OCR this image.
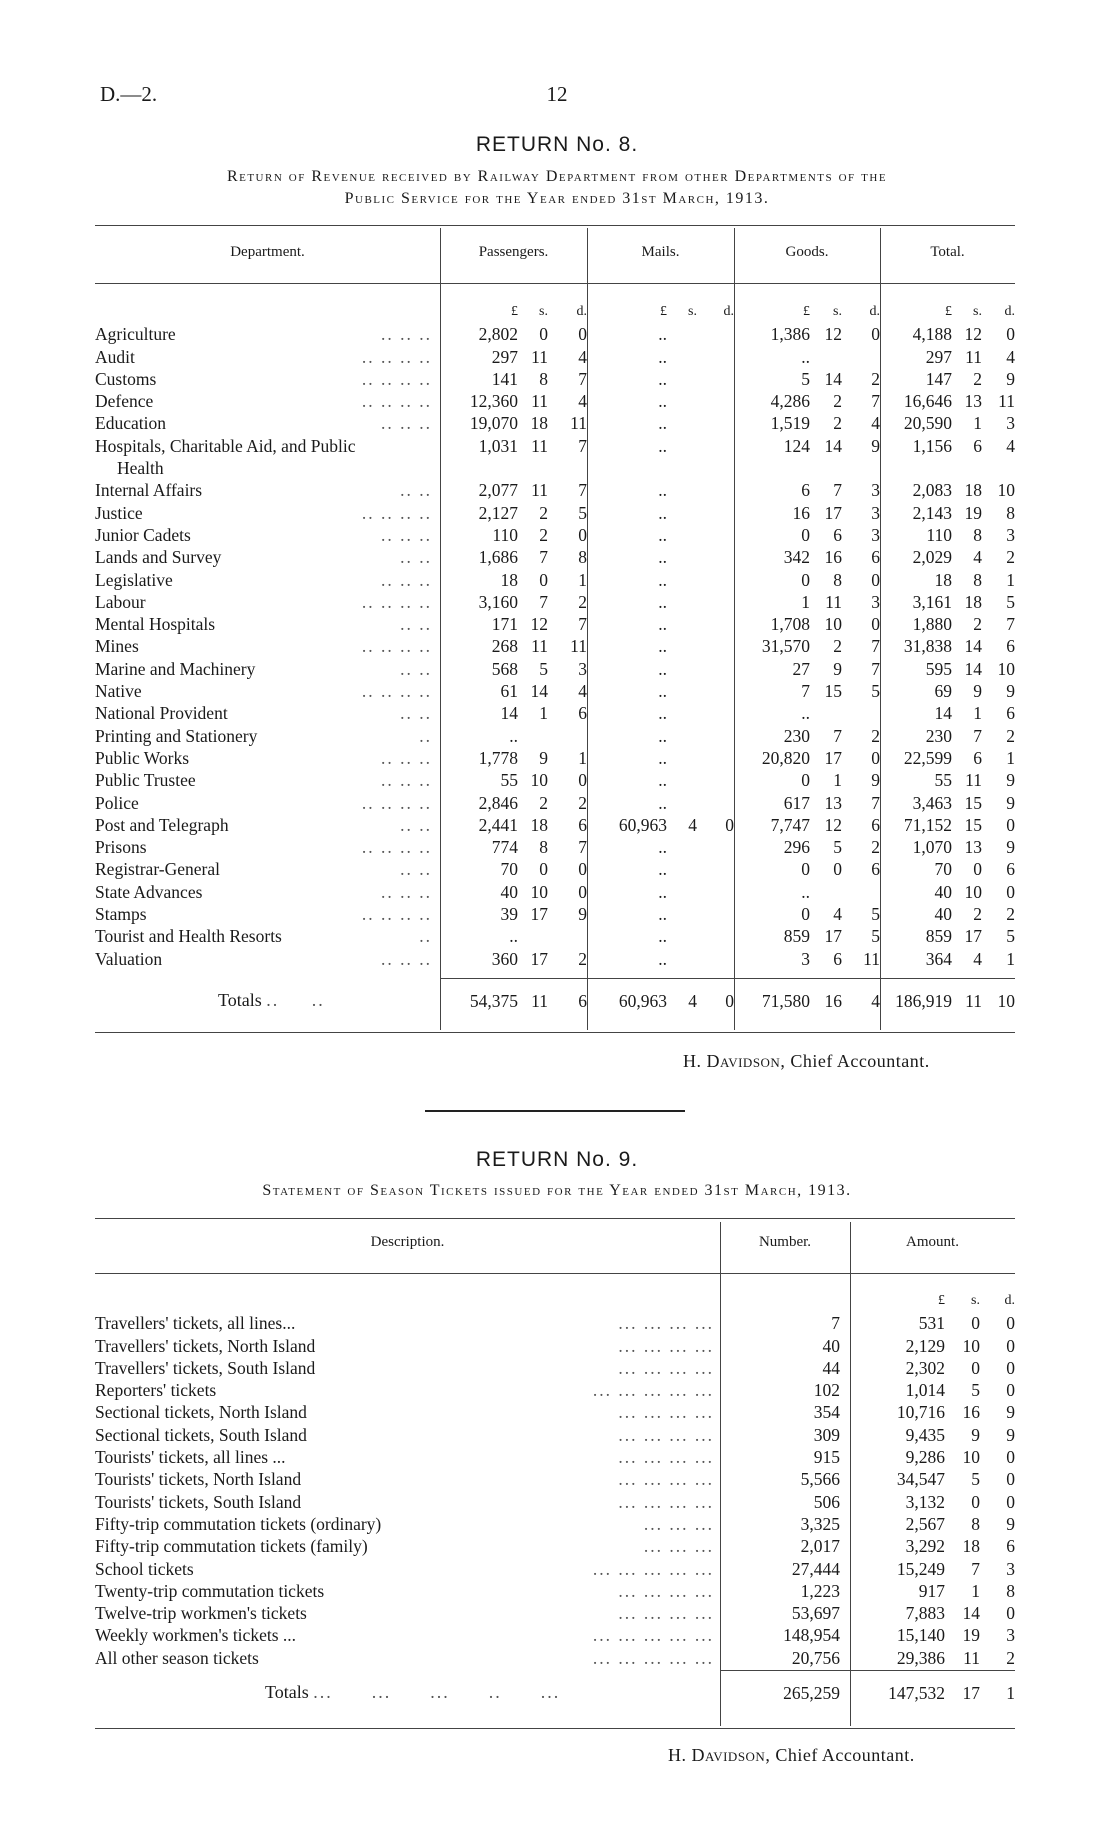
D.—2.	12
RETURN No. 8.
Return of Revenue received by Railway Department from other Departments of the
Public Service for the Year ended 31st March, 1913.
Department.	Passengers.	Mails.	Goods.	Total.
	£	s.	d.	£	s.	d.	£	s.	d.	£	s.	d.
Agriculture .. .. ..	2,802	0	0	..			1,386	12	0	4,188	12	0
Audit .. .. .. ..	297	11	4	..			..			297	11	4
Customs .. .. .. ..	141	8	7	..			5	14	2	147	2	9
Defence .. .. .. ..	12,360	11	4	..			4,286	2	7	16,646	13	11
Education .. .. ..	19,070	18	11	..			1,519	2	4	20,590	1	3
Hospitals, Charitable Aid, and Public	1,031	11	7	..			124	14	9	1,156	6	4
Health												
Internal Affairs .. ..	2,077	11	7	..			6	7	3	2,083	18	10
Justice .. .. .. ..	2,127	2	5	..			16	17	3	2,143	19	8
Junior Cadets .. .. ..	110	2	0	..			0	6	3	110	8	3
Lands and Survey .. ..	1,686	7	8	..			342	16	6	2,029	4	2
Legislative .. .. ..	18	0	1	..			0	8	0	18	8	1
Labour .. .. .. ..	3,160	7	2	..			1	11	3	3,161	18	5
Mental Hospitals .. ..	171	12	7	..			1,708	10	0	1,880	2	7
Mines .. .. .. ..	268	11	11	..			31,570	2	7	31,838	14	6
Marine and Machinery .. ..	568	5	3	..			27	9	7	595	14	10
Native .. .. .. ..	61	14	4	..			7	15	5	69	9	9
National Provident .. ..	14	1	6	..			..			14	1	6
Printing and Stationery ..	..			..			230	7	2	230	7	2
Public Works .. .. ..	1,778	9	1	..			20,820	17	0	22,599	6	1
Public Trustee .. .. ..	55	10	0	..			0	1	9	55	11	9
Police .. .. .. ..	2,846	2	2	..			617	13	7	3,463	15	9
Post and Telegraph .. ..	2,441	18	6	60,963	4	0	7,747	12	6	71,152	15	0
Prisons .. .. .. ..	774	8	7	..			296	5	2	1,070	13	9
Registrar-General .. ..	70	0	0	..			0	0	6	70	0	6
State Advances .. .. ..	40	10	0	..			..			40	10	0
Stamps .. .. .. ..	39	17	9	..			0	4	5	40	2	2
Tourist and Health Resorts ..	..			..			859	17	5	859	17	5
Valuation .. .. ..	360	17	2	..			3	6	11	364	4	1
Totals ..     ..	54,375	11	6	60,963	4	0	71,580	16	4	186,919	11	10
H. Davidson, Chief Accountant.
RETURN No. 9.
Statement of Season Tickets issued for the Year ended 31st March, 1913.
Description.	Number.	Amount.
			£	s.	d.
Travellers' tickets, all lines... ... ... ... ...	7		531	0	0
Travellers' tickets, North Island ... ... ... ...	40		2,129	10	0
Travellers' tickets, South Island ... ... ... ...	44		2,302	0	0
Reporters' tickets ... ... ... ... ...	102		1,014	5	0
Sectional tickets, North Island ... ... ... ...	354		10,716	16	9
Sectional tickets, South Island ... ... ... ...	309		9,435	9	9
Tourists' tickets, all lines ... ... ... ... ...	915		9,286	10	0
Tourists' tickets, North Island ... ... ... ...	5,566		34,547	5	0
Tourists' tickets, South Island ... ... ... ...	506		3,132	0	0
Fifty-trip commutation tickets (ordinary) ... ... ...	3,325		2,567	8	9
Fifty-trip commutation tickets (family) ... ... ...	2,017		3,292	18	6
School tickets ... ... ... ... ...	27,444		15,249	7	3
Twenty-trip commutation tickets ... ... ... ...	1,223		917	1	8
Twelve-trip workmen's tickets ... ... ... ...	53,697		7,883	14	0
Weekly workmen's tickets ... ... ... ... ... ...	148,954		15,140	19	3
All other season tickets ... ... ... ... ...	20,756		29,386	11	2
Totals ...      ...      ...      ..      ...	265,259		147,532	17	1
H. Davidson, Chief Accountant.
